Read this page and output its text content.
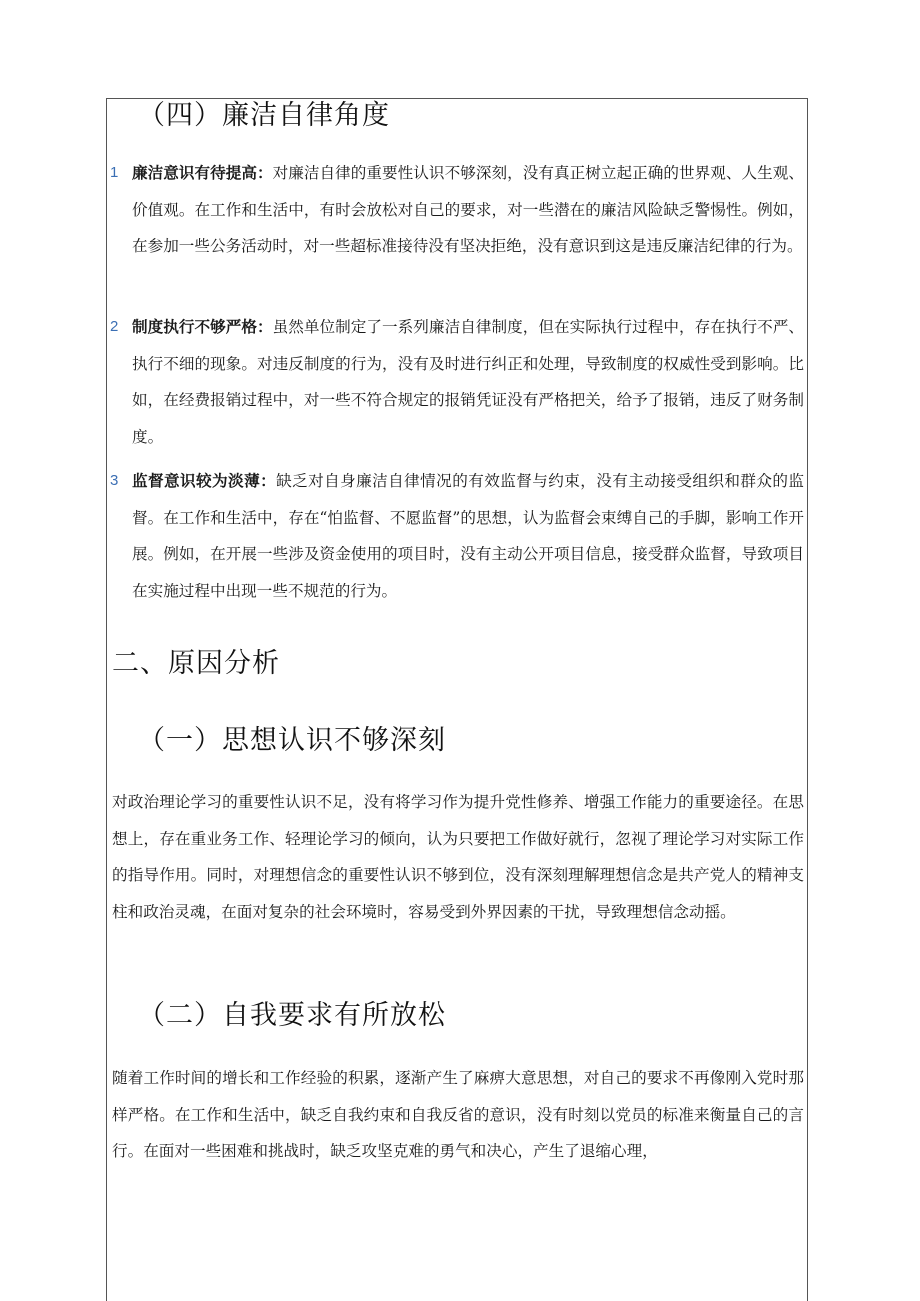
（四）廉洁自律角度
1 廉洁意识有待提高：对廉洁自律的重要性认识不够深刻，没有真正树立起正确的世界观、人生观、价值观。在工作和生活中，有时会放松对自己的要求，对一些潜在的廉洁风险缺乏警惕性。例如，在参加一些公务活动时，对一些超标准接待没有坚决拒绝，没有意识到这是违反廉洁纪律的行为。
2 制度执行不够严格：虽然单位制定了一系列廉洁自律制度，但在实际执行过程中，存在执行不严、执行不细的现象。对违反制度的行为，没有及时进行纠正和处理，导致制度的权威性受到影响。比如，在经费报销过程中，对一些不符合规定的报销凭证没有严格把关，给予了报销，违反了财务制度。
3 监督意识较为淡薄：缺乏对自身廉洁自律情况的有效监督与约束，没有主动接受组织和群众的监督。在工作和生活中，存在“怕监督、不愿监督”的思想，认为监督会束缚自己的手脚，影响工作开展。例如，在开展一些涉及资金使用的项目时，没有主动公开项目信息，接受群众监督，导致项目在实施过程中出现一些不规范的行为。
二、原因分析
（一）思想认识不够深刻

对政治理论学习的重要性认识不足，没有将学习作为提升党性修养、增强工作能力的重要途径。在思想上，存在重业务工作、轻理论学习的倾向，认为只要把工作做好就行，忽视了理论学习对实际工作的指导作用。同时，对理想信念的重要性认识不够到位，没有深刻理解理想信念是共产党人的精神支柱和政治灵魂，在面对复杂的社会环境时，容易受到外界因素的干扰，导致理想信念动摇。

（二）自我要求有所放松

随着工作时间的增长和工作经验的积累，逐渐产生了麻痹大意思想，对自己的要求不再像刚入党时那样严格。在工作和生活中，缺乏自我约束和自我反省的意识，没有时刻以党员的标准来衡量自己的言行。在面对一些困难和挑战时，缺乏攻坚克难的勇气和决心，产生了退缩心理，
